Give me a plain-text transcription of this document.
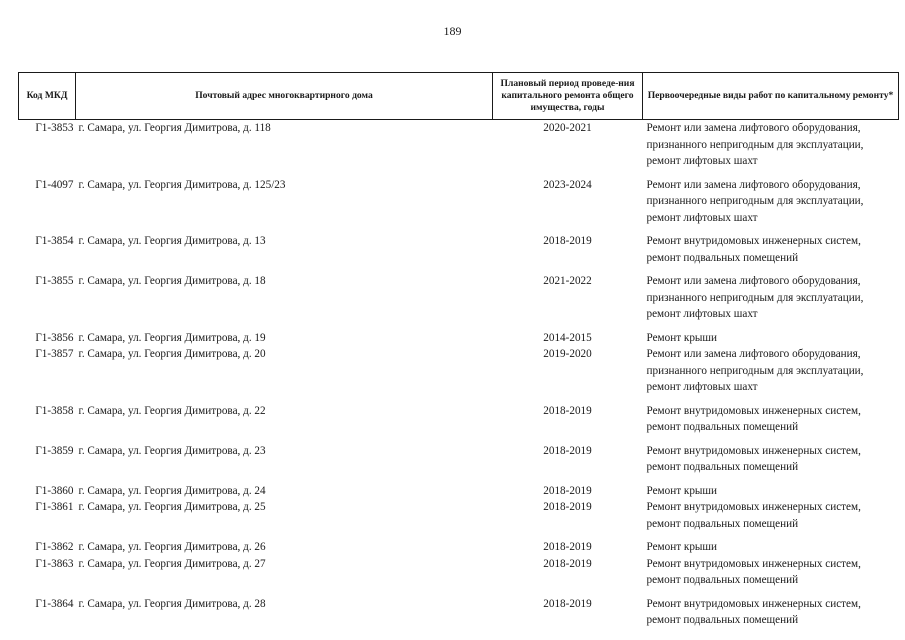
189
Код МКД	Почтовый адрес многоквартирного дома	Плановый период проведе-ния капитального ремонта общего имущества, годы	Первоочередные виды работ по капитальному ремонту*
Г1-3853	г. Самара, ул. Георгия Димитрова, д. 118	2020-2021	Ремонт или замена лифтового оборудования,
признанного непригодным для эксплуатации,
ремонт лифтовых шахт
Г1-4097	г. Самара, ул. Георгия Димитрова, д. 125/23	2023-2024	Ремонт или замена лифтового оборудования,
признанного непригодным для эксплуатации,
ремонт лифтовых шахт
Г1-3854	г. Самара, ул. Георгия Димитрова, д. 13	2018-2019	Ремонт внутридомовых инженерных систем,
ремонт подвальных помещений
Г1-3855	г. Самара, ул. Георгия Димитрова, д. 18	2021-2022	Ремонт или замена лифтового оборудования,
признанного непригодным для эксплуатации,
ремонт лифтовых шахт
Г1-3856	г. Самара, ул. Георгия Димитрова, д. 19	2014-2015	Ремонт крыши
Г1-3857	г. Самара, ул. Георгия Димитрова, д. 20	2019-2020	Ремонт или замена лифтового оборудования,
признанного непригодным для эксплуатации,
ремонт лифтовых шахт
Г1-3858	г. Самара, ул. Георгия Димитрова, д. 22	2018-2019	Ремонт внутридомовых инженерных систем,
ремонт подвальных помещений
Г1-3859	г. Самара, ул. Георгия Димитрова, д. 23	2018-2019	Ремонт внутридомовых инженерных систем,
ремонт подвальных помещений
Г1-3860	г. Самара, ул. Георгия Димитрова, д. 24	2018-2019	Ремонт крыши
Г1-3861	г. Самара, ул. Георгия Димитрова, д. 25	2018-2019	Ремонт внутридомовых инженерных систем,
ремонт подвальных помещений
Г1-3862	г. Самара, ул. Георгия Димитрова, д. 26	2018-2019	Ремонт крыши
Г1-3863	г. Самара, ул. Георгия Димитрова, д. 27	2018-2019	Ремонт внутридомовых инженерных систем,
ремонт подвальных помещений
Г1-3864	г. Самара, ул. Георгия Димитрова, д. 28	2018-2019	Ремонт внутридомовых инженерных систем,
ремонт подвальных помещений
